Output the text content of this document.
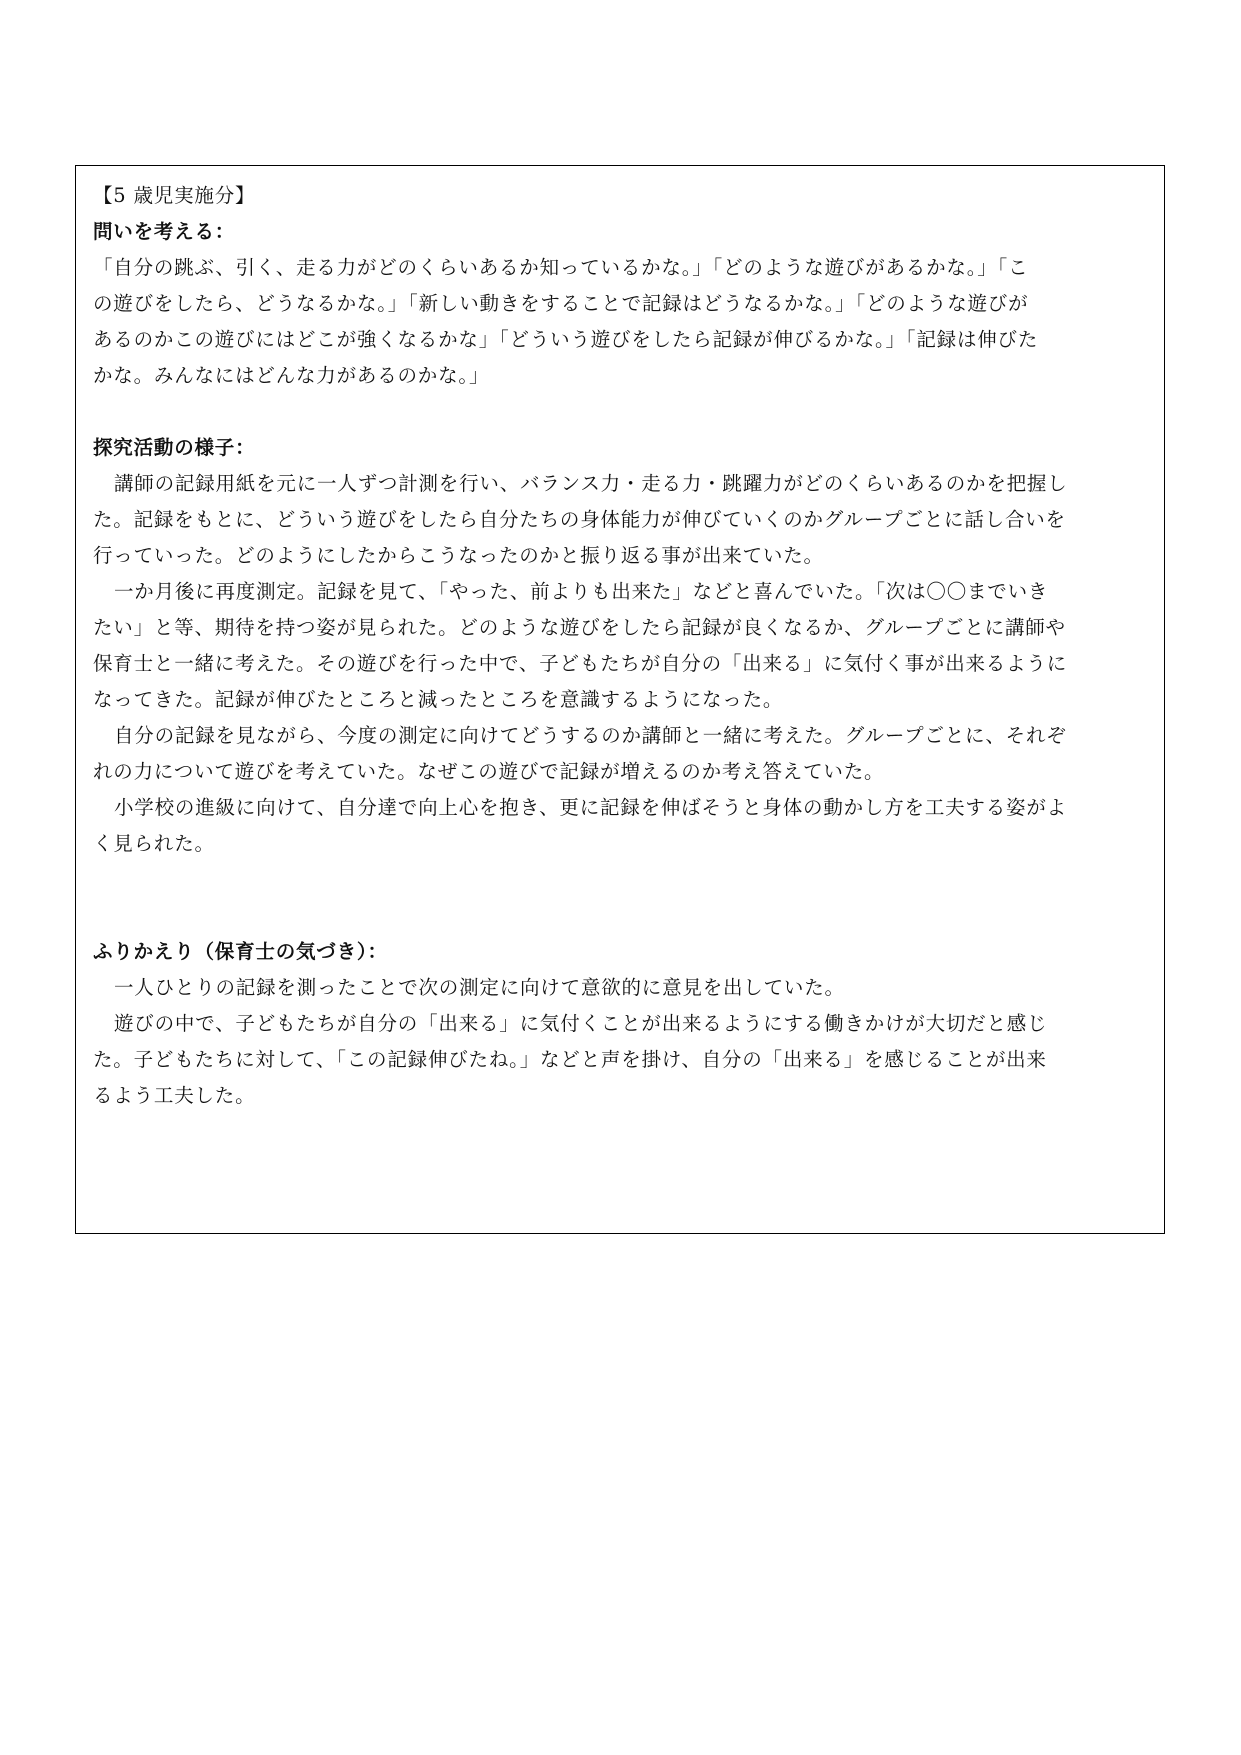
【5 歳児実施分】
問いを考える：
「自分の跳ぶ、引く、走る力がどのくらいあるか知っているかな。」「どのような遊びがあるかな。」「こ
の遊びをしたら、どうなるかな。」「新しい動きをすることで記録はどうなるかな。」「どのような遊びが
あるのかこの遊びにはどこが強くなるかな」「どういう遊びをしたら記録が伸びるかな。」「記録は伸びた
かな。みんなにはどんな力があるのかな。」
探究活動の様子：
講師の記録用紙を元に一人ずつ計測を行い、バランス力・走る力・跳躍力がどのくらいあるのかを把握し
た。記録をもとに、どういう遊びをしたら自分たちの身体能力が伸びていくのかグループごとに話し合いを
行っていった。どのようにしたからこうなったのかと振り返る事が出来ていた。
一か月後に再度測定。記録を見て、「やった、前よりも出来た」などと喜んでいた。「次は〇〇までいき
たい」と等、期待を持つ姿が見られた。どのような遊びをしたら記録が良くなるか、グループごとに講師や
保育士と一緒に考えた。その遊びを行った中で、子どもたちが自分の「出来る」に気付く事が出来るように
なってきた。記録が伸びたところと減ったところを意識するようになった。
自分の記録を見ながら、今度の測定に向けてどうするのか講師と一緒に考えた。グループごとに、それぞ
れの力について遊びを考えていた。なぜこの遊びで記録が増えるのか考え答えていた。
小学校の進級に向けて、自分達で向上心を抱き、更に記録を伸ばそうと身体の動かし方を工夫する姿がよ
く見られた。
ふりかえり（保育士の気づき）：
一人ひとりの記録を測ったことで次の測定に向けて意欲的に意見を出していた。
遊びの中で、子どもたちが自分の「出来る」に気付くことが出来るようにする働きかけが大切だと感じ
た。子どもたちに対して、「この記録伸びたね。」などと声を掛け、自分の「出来る」を感じることが出来
るよう工夫した。
